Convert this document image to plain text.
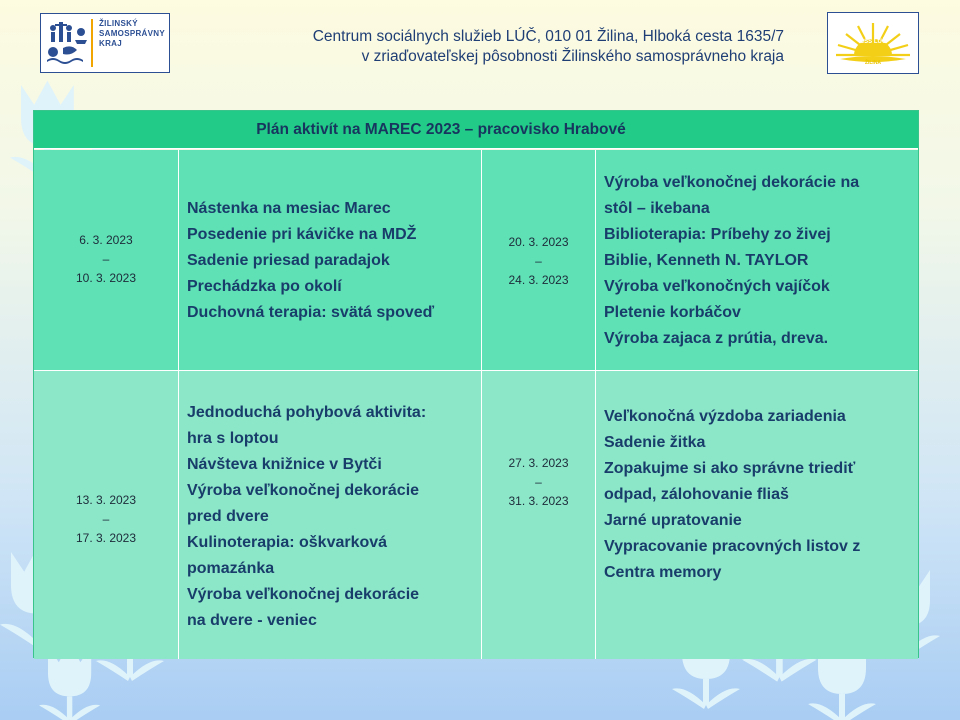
ŽILINSKÝ
SAMOSPRÁVNY
KRAJ	Centrum sociálnych služieb LÚČ, 010 01 Žilina, Hlboká cesta 1635/7
v zriaďovateľskej pôsobnosti Žilinského samosprávneho kraja
CSS LÚČ
ŽILINA
Plán aktivít na MAREC 2023 – pracovisko Hrabové
6. 3. 2023
–
10. 3. 2023
Nástenka na mesiac Marec
Posedenie pri kávičke na MDŽ
Sadenie priesad paradajok
Prechádzka po okolí
Duchovná terapia: svätá spoveď
20. 3. 2023
–
24. 3. 2023
Výroba veľkonočnej dekorácie na
stôl – ikebana
Biblioterapia: Príbehy zo živej
Biblie, Kenneth N. TAYLOR
Výroba veľkonočných vajíčok
Pletenie korbáčov
Výroba zajaca z prútia, dreva.
13. 3. 2023
–
17. 3. 2023
Jednoduchá pohybová aktivita:
hra s loptou
Návšteva knižnice v Bytči
Výroba veľkonočnej dekorácie
pred dvere
Kulinoterapia: oškvarková
pomazánka
Výroba veľkonočnej dekorácie
na dvere - veniec
27. 3. 2023
–
31. 3. 2023
Veľkonočná výzdoba zariadenia
Sadenie žitka
Zopakujme si ako správne triediť
odpad, zálohovanie fliaš
Jarné upratovanie
Vypracovanie pracovných listov z
Centra memory
